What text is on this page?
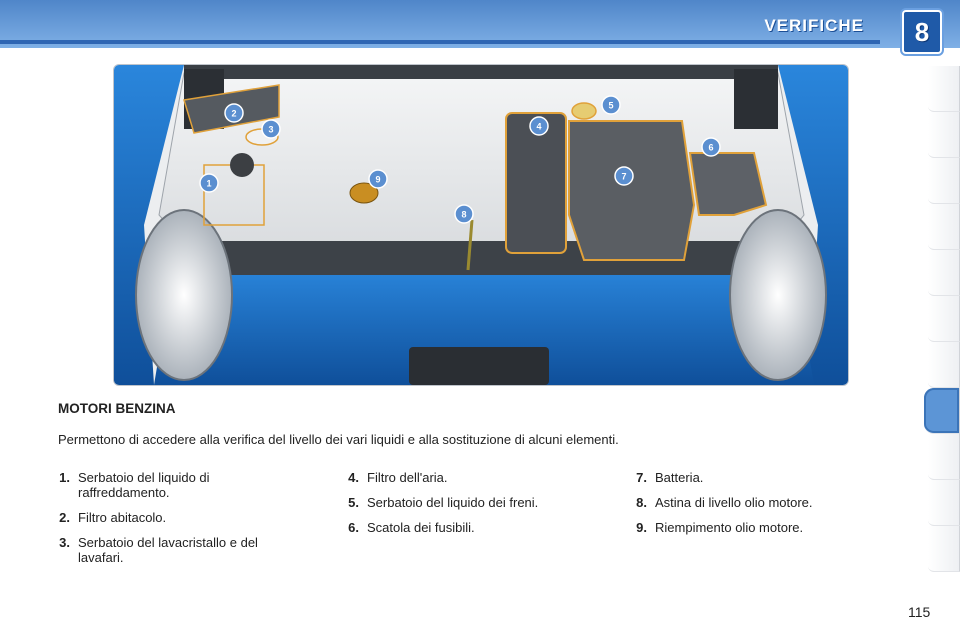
VERIFICHE	8
1
2
3	4
5
6
7
8
9
MOTORI BENZINA
Permettono di accedere alla verifica del livello dei vari liquidi e alla sostituzione di alcuni elementi.
1. Serbatoio del liquido di raffreddamento.
2. Filtro abitacolo.
3. Serbatoio del lavacristallo e del lavafari.
4. Filtro dell'aria.
5. Serbatoio del liquido dei freni.
6. Scatola dei fusibili.
7. Batteria.
8. Astina di livello olio motore.
9. Riempimento olio motore.
115
